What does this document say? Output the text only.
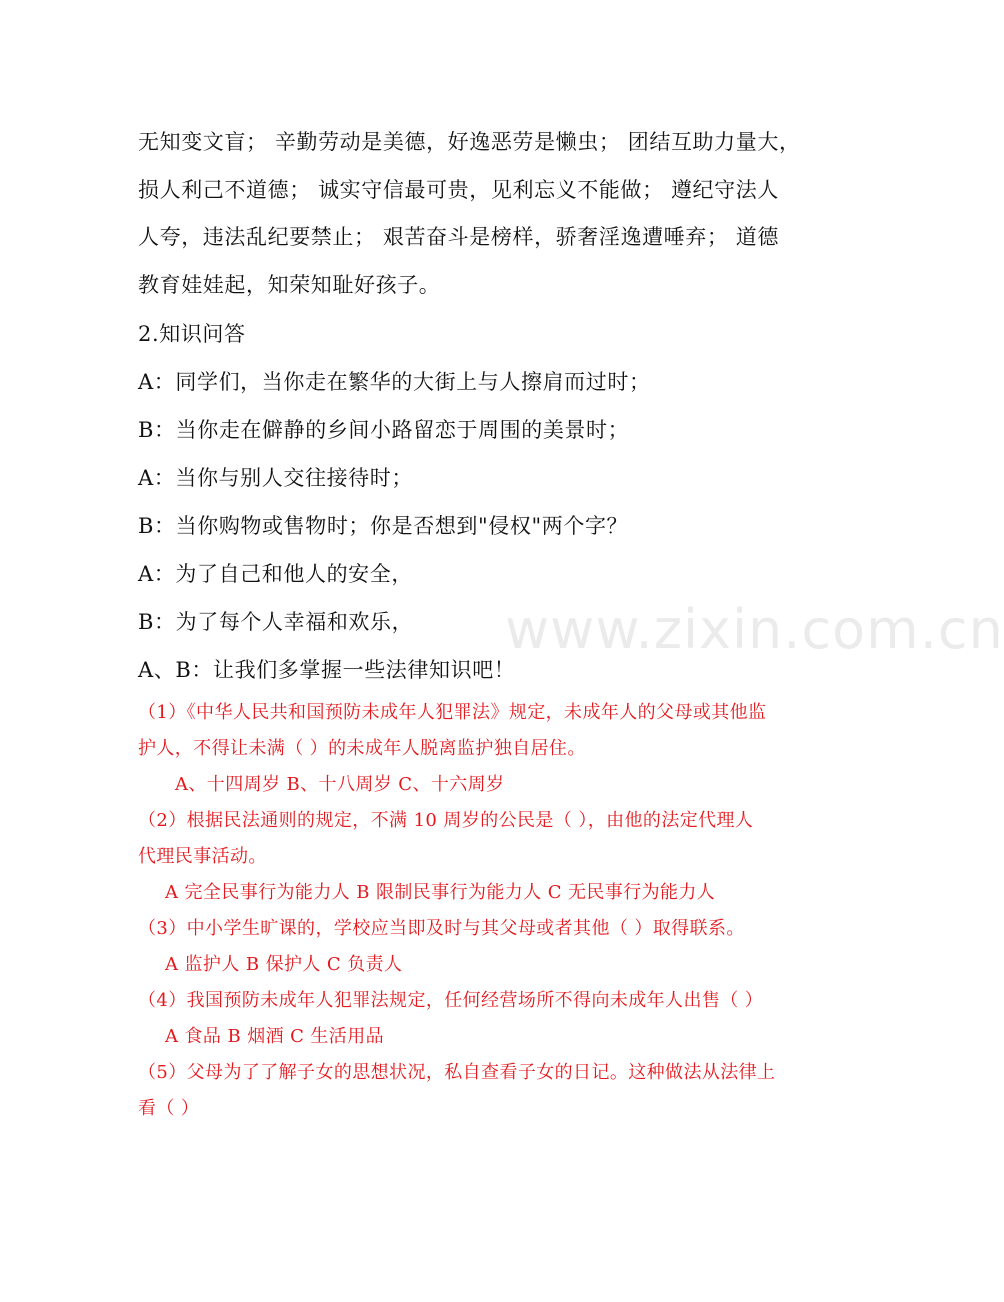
无知变文盲； 辛勤劳动是美德，好逸恶劳是懒虫； 团结互助力量大，
损人利己不道德； 诚实守信最可贵，见利忘义不能做； 遵纪守法人
人夸，违法乱纪要禁止； 艰苦奋斗是榜样，骄奢淫逸遭唾弃； 道德
教育娃娃起，知荣知耻好孩子。
2.知识问答
A：同学们，当你走在繁华的大街上与人擦肩而过时；
B：当你走在僻静的乡间小路留恋于周围的美景时；
A：当你与别人交往接待时；
B：当你购物或售物时；你是否想到"侵权"两个字？
A：为了自己和他人的安全，
B：为了每个人幸福和欢乐，
A、B：让我们多掌握一些法律知识吧！
（1）《中华人民共和国预防未成年人犯罪法》规定，未成年人的父母或其他监
护人，不得让未满（ ）的未成年人脱离监护独自居住。
A、十四周岁 B、十八周岁 C、十六周岁
（2）根据民法通则的规定，不满 10 周岁的公民是（ ），由他的法定代理人
代理民事活动。
A 完全民事行为能力人 B 限制民事行为能力人 C 无民事行为能力人
（3）中小学生旷课的，学校应当即及时与其父母或者其他（ ）取得联系。
A 监护人 B 保护人 C 负责人
（4）我国预防未成年人犯罪法规定，任何经营场所不得向未成年人出售（ ）
A 食品 B 烟酒 C 生活用品
（5）父母为了了解子女的思想状况，私自查看子女的日记。这种做法从法律上
看（ ）
www.zixin.com.cn
